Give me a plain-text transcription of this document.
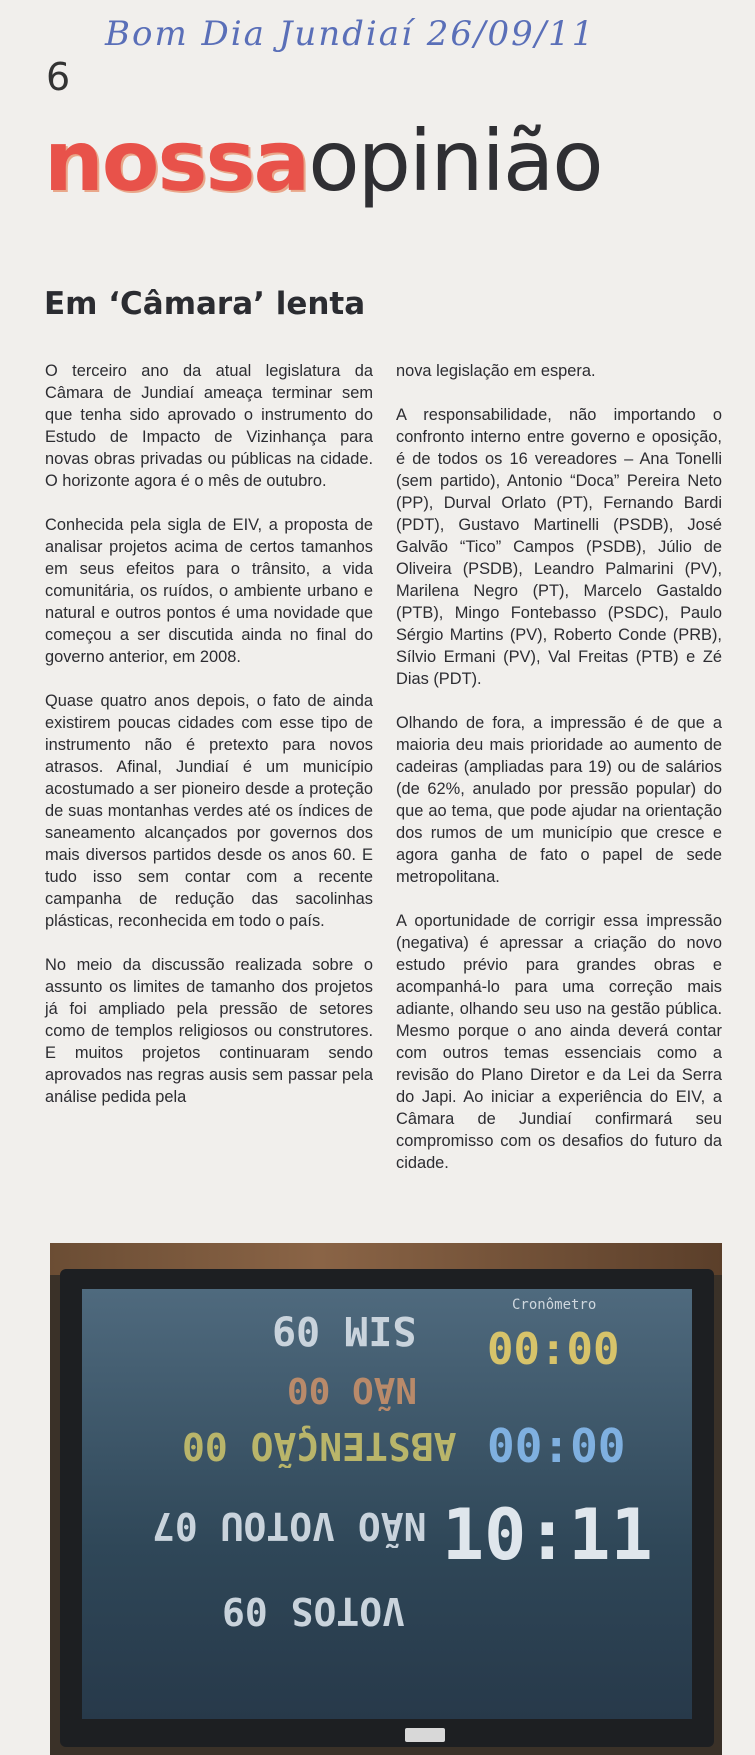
Bom Dia Jundiaí 26/09/11
6
nossaopinião
Em ‘Câmara’ lenta

O terceiro ano da atual legislatura da Câmara de Jundiaí ameaça terminar sem que tenha sido aprovado o instrumento do Estudo de Impacto de Vizinhança para novas obras privadas ou públicas na cidade. O horizonte agora é o mês de outubro.

Conhecida pela sigla de EIV, a proposta de analisar projetos acima de certos tamanhos em seus efeitos para o trânsito, a vida comunitária, os ruídos, o ambiente urbano e natural e outros pontos é uma novidade que começou a ser discutida ainda no final do governo anterior, em 2008.

Quase quatro anos depois, o fato de ainda existirem poucas cidades com esse tipo de instrumento não é pretexto para novos atrasos. Afinal, Jundiaí é um município acostumado a ser pioneiro desde a proteção de suas montanhas verdes até os índices de saneamento alcançados por governos dos mais diversos partidos desde os anos 60. E tudo isso sem contar com a recente campanha de redução das sacolinhas plásticas, reconhecida em todo o país.

No meio da discussão realizada sobre o assunto os limites de tamanho dos projetos já foi ampliado pela pressão de setores como de templos religiosos ou construtores. E muitos projetos continuaram sendo aprovados nas regras ausis sem passar pela análise pedida pela

nova legislação em espera.

A responsabilidade, não importando o confronto interno entre governo e oposição, é de todos os 16 vereadores – Ana Tonelli (sem partido), Antonio “Doca” Pereira Neto (PP), Durval Orlato (PT), Fernando Bardi (PDT), Gustavo Martinelli (PSDB), José Galvão “Tico” Campos (PSDB), Júlio de Oliveira (PSDB), Leandro Palmarini (PV), Marilena Negro (PT), Marcelo Gastaldo (PTB), Mingo Fontebasso (PSDC), Paulo Sérgio Martins (PV), Roberto Conde (PRB), Sílvio Ermani (PV), Val Freitas (PTB) e Zé Dias (PDT).

Olhando de fora, a impressão é de que a maioria deu mais prioridade ao aumento de cadeiras (ampliadas para 19) ou de salários (de 62%, anulado por pressão popular) do que ao tema, que pode ajudar na orientação dos rumos de um município que cresce e agora ganha de fato o papel de sede metropolitana.

A oportunidade de corrigir essa impressão (negativa) é apressar a criação do novo estudo prévio para grandes obras e acompanhá-lo para uma correção mais adiante, olhando seu uso na gestão pública. Mesmo porque o ano ainda deverá contar com outros temas essenciais como a revisão do Plano Diretor e da Lei da Serra do Japi. Ao iniciar a experiência do EIV, a Câmara de Jundiaí confirmará seu compromisso com os desafios do futuro da cidade.

SIM 09
Cronômetro
00:00
NÃO 00
ABSTENÇÃO 00 00:00
NÃO VOTOU 07 10:11
VOTOS 09
